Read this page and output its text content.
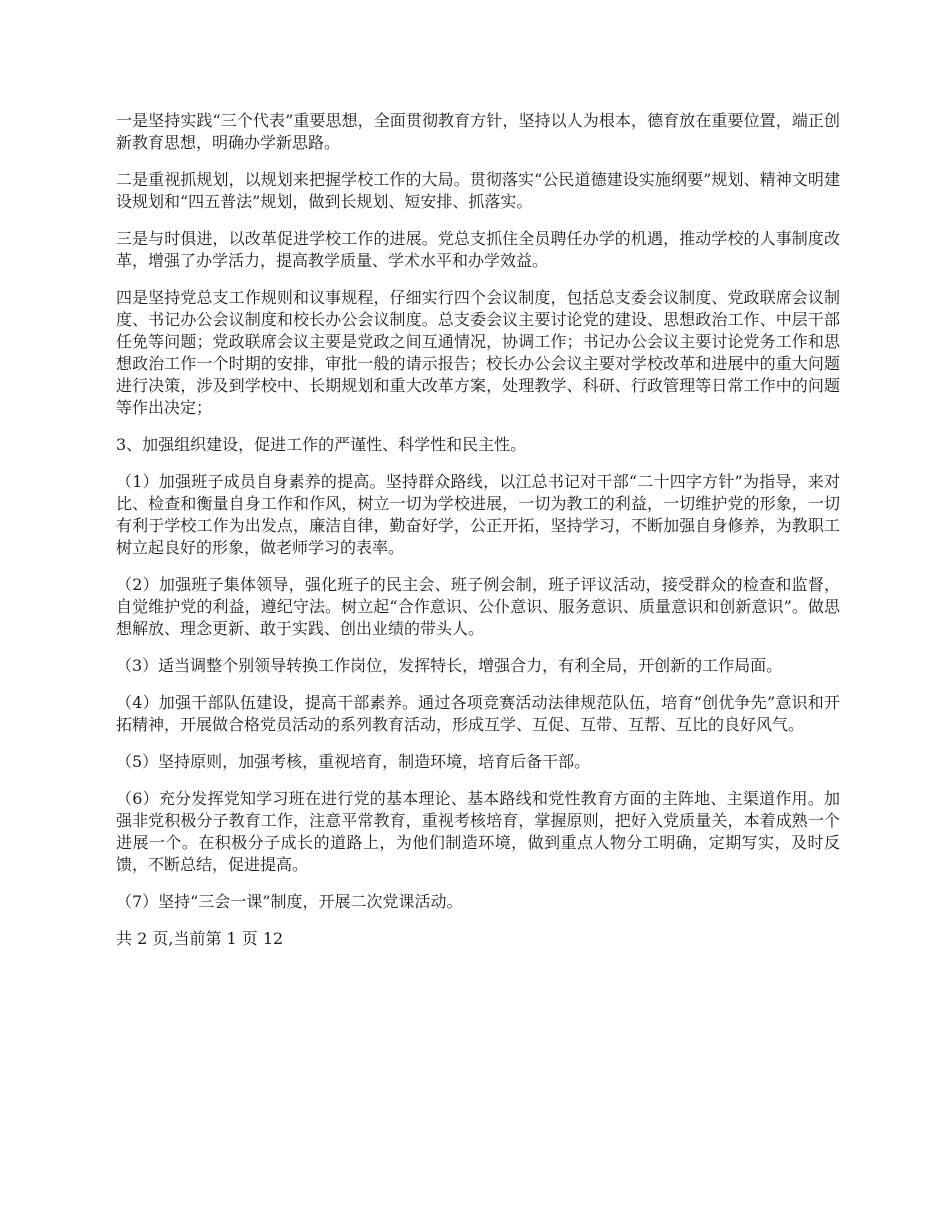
一是坚持实践“三个代表”重要思想，全面贯彻教育方针，坚持以人为根本，德育放在重要位置，端正创新教育思想，明确办学新思路。

二是重视抓规划，以规划来把握学校工作的大局。贯彻落实“公民道德建设实施纲要”规划、精神文明建设规划和“四五普法”规划，做到长规划、短安排、抓落实。

三是与时俱进，以改革促进学校工作的进展。党总支抓住全员聘任办学的机遇，推动学校的人事制度改革，增强了办学活力，提高教学质量、学术水平和办学效益。

四是坚持党总支工作规则和议事规程，仔细实行四个会议制度，包括总支委会议制度、党政联席会议制度、书记办公会议制度和校长办公会议制度。总支委会议主要讨论党的建设、思想政治工作、中层干部任免等问题；党政联席会议主要是党政之间互通情况，协调工作；书记办公会议主要讨论党务工作和思想政治工作一个时期的安排，审批一般的请示报告；校长办公会议主要对学校改革和进展中的重大问题进行决策，涉及到学校中、长期规划和重大改革方案，处理教学、科研、行政管理等日常工作中的问题等作出决定；

3、加强组织建设，促进工作的严谨性、科学性和民主性。

（1）加强班子成员自身素养的提高。坚持群众路线，以江总书记对干部“二十四字方针”为指导，来对比、检查和衡量自身工作和作风，树立一切为学校进展，一切为教工的利益，一切维护党的形象，一切有利于学校工作为出发点，廉洁自律，勤奋好学，公正开拓，坚持学习，不断加强自身修养，为教职工树立起良好的形象，做老师学习的表率。

（2）加强班子集体领导，强化班子的民主会、班子例会制，班子评议活动，接受群众的检查和监督，自觉维护党的利益，遵纪守法。树立起“合作意识、公仆意识、服务意识、质量意识和创新意识”。做思想解放、理念更新、敢于实践、创出业绩的带头人。

（3）适当调整个别领导转换工作岗位，发挥特长，增强合力，有利全局，开创新的工作局面。

（4）加强干部队伍建设，提高干部素养。通过各项竞赛活动法律规范队伍，培育“创优争先”意识和开拓精神，开展做合格党员活动的系列教育活动，形成互学、互促、互带、互帮、互比的良好风气。

（5）坚持原则，加强考核，重视培育，制造环境，培育后备干部。

（6）充分发挥党知学习班在进行党的基本理论、基本路线和党性教育方面的主阵地、主渠道作用。加强非党积极分子教育工作，注意平常教育，重视考核培育，掌握原则，把好入党质量关，本着成熟一个进展一个。在积极分子成长的道路上，为他们制造环境，做到重点人物分工明确，定期写实，及时反馈，不断总结，促进提高。

（7）坚持“三会一课”制度，开展二次党课活动。

共 2 页,当前第 1 页 12
